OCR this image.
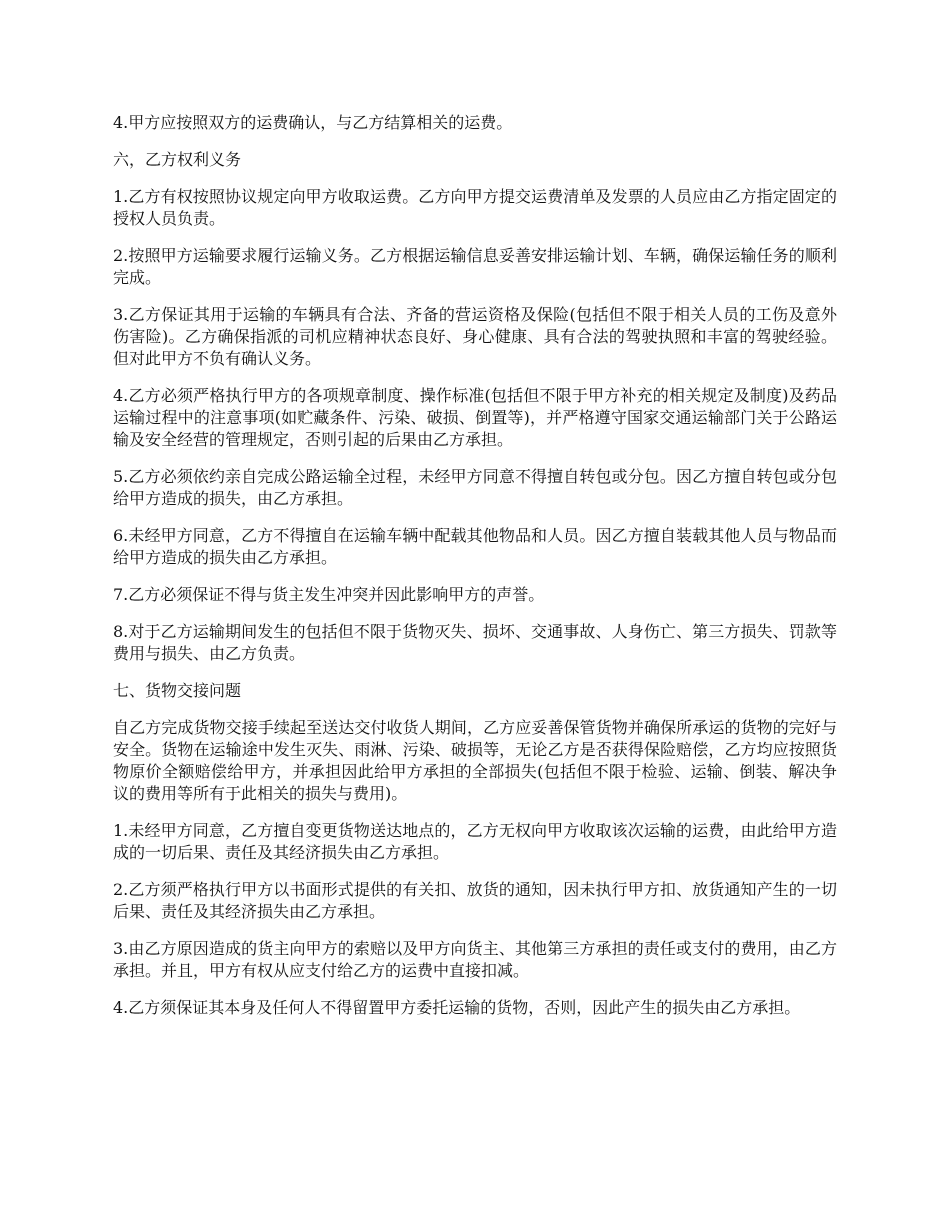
4.甲方应按照双方的运费确认，与乙方结算相关的运费。

六，乙方权利义务

1.乙方有权按照协议规定向甲方收取运费。乙方向甲方提交运费清单及发票的人员应由乙方指定固定的授权人员负责。

2.按照甲方运输要求履行运输义务。乙方根据运输信息妥善安排运输计划、车辆，确保运输任务的顺利完成。

3.乙方保证其用于运输的车辆具有合法、齐备的营运资格及保险(包括但不限于相关人员的工伤及意外伤害险)。乙方确保指派的司机应精神状态良好、身心健康、具有合法的驾驶执照和丰富的驾驶经验。但对此甲方不负有确认义务。

4.乙方必须严格执行甲方的各项规章制度、操作标准(包括但不限于甲方补充的相关规定及制度)及药品运输过程中的注意事项(如贮藏条件、污染、破损、倒置等)，并严格遵守国家交通运输部门关于公路运输及安全经营的管理规定，否则引起的后果由乙方承担。

5.乙方必须依约亲自完成公路运输全过程，未经甲方同意不得擅自转包或分包。因乙方擅自转包或分包给甲方造成的损失，由乙方承担。

6.未经甲方同意，乙方不得擅自在运输车辆中配载其他物品和人员。因乙方擅自装载其他人员与物品而给甲方造成的损失由乙方承担。

7.乙方必须保证不得与货主发生冲突并因此影响甲方的声誉。

8.对于乙方运输期间发生的包括但不限于货物灭失、损坏、交通事故、人身伤亡、第三方损失、罚款等费用与损失、由乙方负责。

七、货物交接问题

自乙方完成货物交接手续起至送达交付收货人期间，乙方应妥善保管货物并确保所承运的货物的完好与安全。货物在运输途中发生灭失、雨淋、污染、破损等，无论乙方是否获得保险赔偿，乙方均应按照货物原价全额赔偿给甲方，并承担因此给甲方承担的全部损失(包括但不限于检验、运输、倒装、解决争议的费用等所有于此相关的损失与费用)。

1.未经甲方同意，乙方擅自变更货物送达地点的，乙方无权向甲方收取该次运输的运费，由此给甲方造成的一切后果、责任及其经济损失由乙方承担。

2.乙方须严格执行甲方以书面形式提供的有关扣、放货的通知，因未执行甲方扣、放货通知产生的一切后果、责任及其经济损失由乙方承担。

3.由乙方原因造成的货主向甲方的索赔以及甲方向货主、其他第三方承担的责任或支付的费用，由乙方承担。并且，甲方有权从应支付给乙方的运费中直接扣减。

4.乙方须保证其本身及任何人不得留置甲方委托运输的货物，否则，因此产生的损失由乙方承担。
